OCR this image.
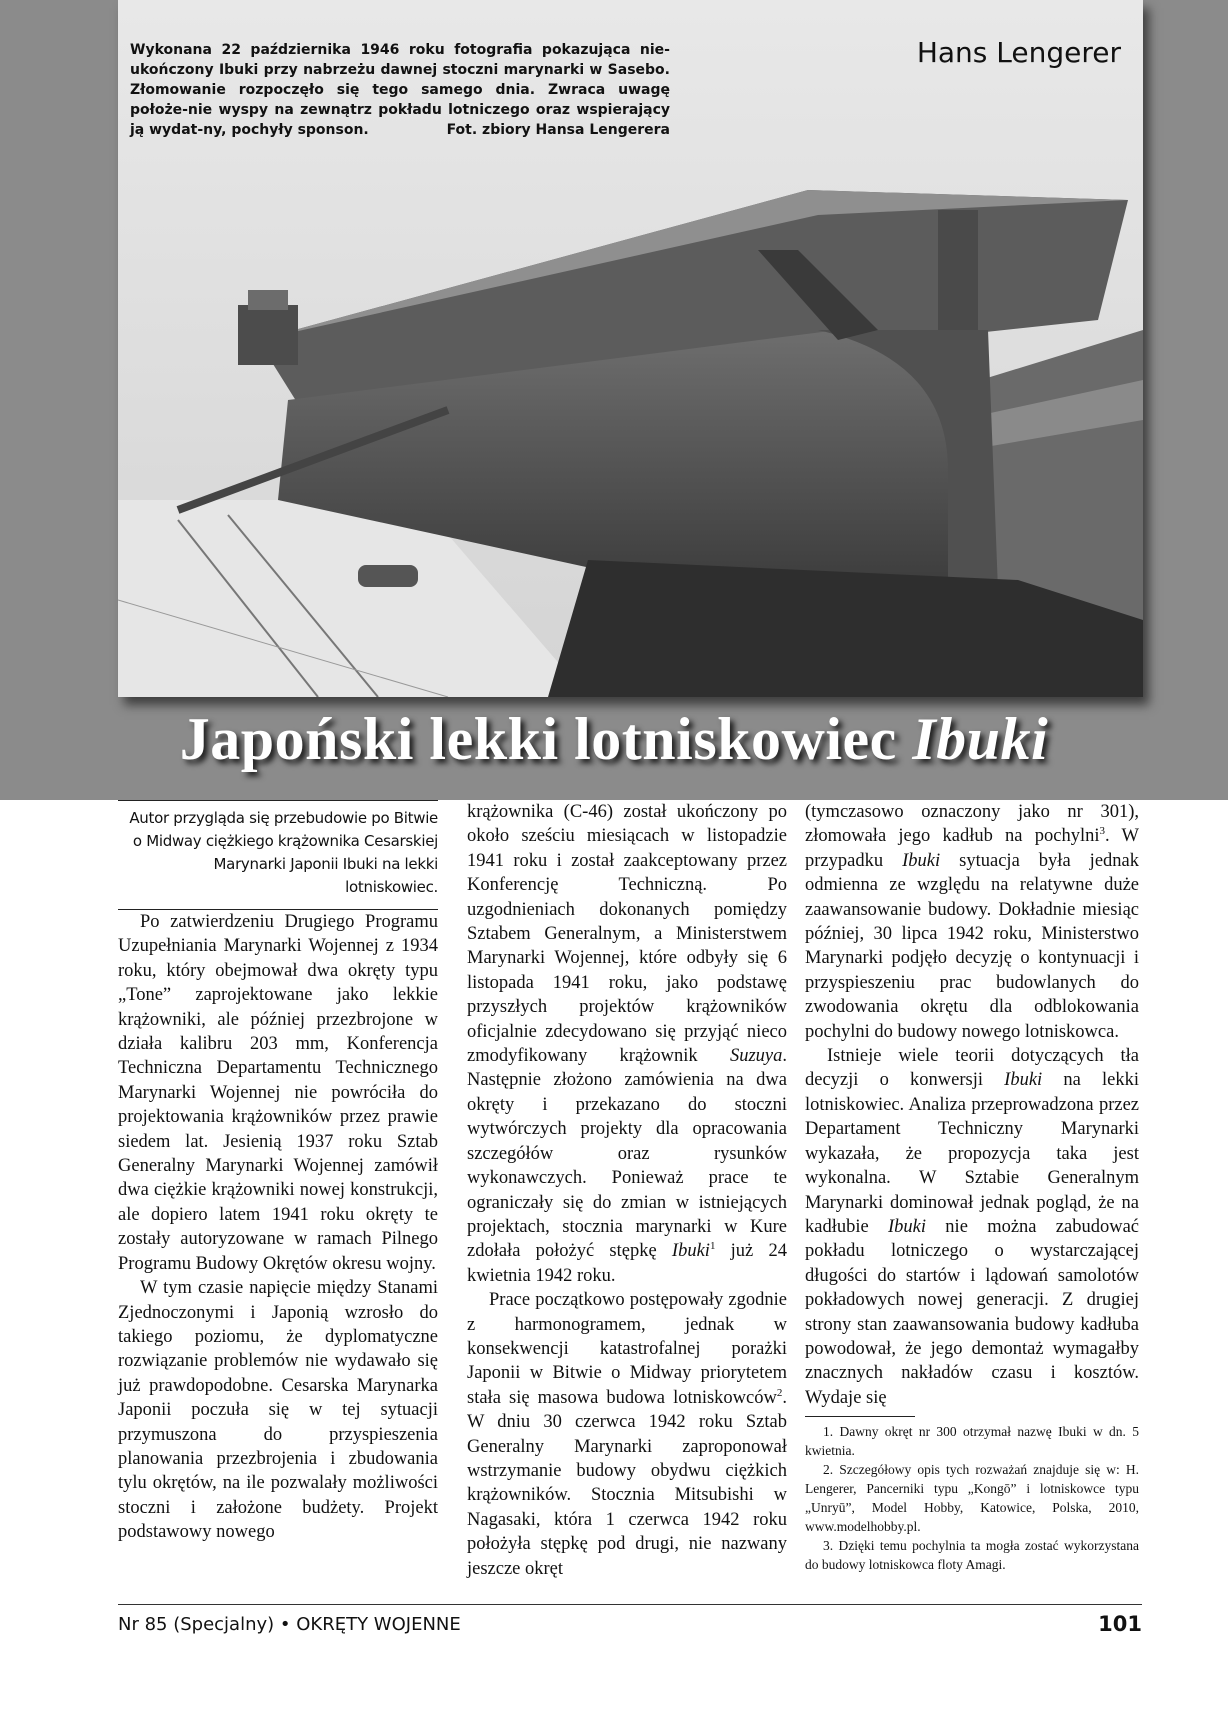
Wykonana 22 października 1946 roku fotografia pokazująca nie-ukończony Ibuki przy nabrzeżu dawnej stoczni marynarki w Sasebo. Złomowanie rozpoczęło się tego samego dnia. Zwraca uwagę położe-nie wyspy na zewnątrz pokładu lotniczego oraz wspierający ją wydat-ny, pochyły sponson.	Fot. zbiory Hansa Lengerera

Hans Lengerer
Japoński lekki lotniskowiec Ibuki

Autor przygląda się przebudowie po Bitwie o Midway ciężkiego krążownika Cesarskiej Marynarki Japonii Ibuki na lekki lotniskowiec.

Po zatwierdzeniu Drugiego Programu Uzupełniania Marynarki Wojennej z 1934 roku, który obejmował dwa okręty typu „Tone” zaprojektowane jako lekkie krążowniki, ale później przezbrojone w działa kalibru 203 mm, Konferencja Techniczna Departamentu Technicznego Marynarki Wojennej nie powróciła do projektowania krążowników przez prawie siedem lat. Jesienią 1937 roku Sztab Generalny Marynarki Wojennej zamówił dwa ciężkie krążowniki nowej konstrukcji, ale dopiero latem 1941 roku okręty te zostały autoryzowane w ramach Pilnego Programu Budowy Okrętów okresu wojny.

W tym czasie napięcie między Stanami Zjednoczonymi i Japonią wzrosło do takiego poziomu, że dyplomatyczne rozwiązanie problemów nie wydawało się już prawdopodobne. Cesarska Marynarka Japonii poczuła się w tej sytuacji przymuszona do przyspieszenia planowania przezbrojenia i zbudowania tylu okrętów, na ile pozwalały możliwości stoczni i założone budżety. Projekt podstawowy nowego

krążownika (C-46) został ukończony po około sześciu miesiącach w listopadzie 1941 roku i został zaakceptowany przez Konferencję Techniczną. Po uzgodnieniach dokonanych pomiędzy Sztabem Generalnym, a Ministerstwem Marynarki Wojennej, które odbyły się 6 listopada 1941 roku, jako podstawę przyszłych projektów krążowników oficjalnie zdecydowano się przyjąć nieco zmodyfikowany krążownik Suzuya. Następnie złożono zamówienia na dwa okręty i przekazano do stoczni wytwórczych projekty dla opracowania szczegółów oraz rysunków wykonawczych. Ponieważ prace te ograniczały się do zmian w istniejących projektach, stocznia marynarki w Kure zdołała położyć stępkę Ibuki$^1$ już 24 kwietnia 1942 roku.

Prace początkowo postępowały zgodnie z harmonogramem, jednak w konsekwencji katastrofalnej porażki Japonii w Bitwie o Midway priorytetem stała się masowa budowa lotniskowców$^2$. W dniu 30 czerwca 1942 roku Sztab Generalny Marynarki zaproponował wstrzymanie budowy obydwu ciężkich krążowników. Stocznia Mitsubishi w Nagasaki, która 1 czerwca 1942 roku położyła stępkę pod drugi, nie nazwany jeszcze okręt

(tymczasowo oznaczony jako nr 301), złomowała jego kadłub na pochylni$^3$. W przypadku Ibuki sytuacja była jednak odmienna ze względu na relatywne duże zaawansowanie budowy. Dokładnie miesiąc później, 30 lipca 1942 roku, Ministerstwo Marynarki podjęło decyzję o kontynuacji i przyspieszeniu prac budowlanych do zwodowania okrętu dla odblokowania pochylni do budowy nowego lotniskowca.

Istnieje wiele teorii dotyczących tła decyzji o konwersji Ibuki na lekki lotniskowiec. Analiza przeprowadzona przez Departament Techniczny Marynarki wykazała, że propozycja taka jest wykonalna. W Sztabie Generalnym Marynarki dominował jednak pogląd, że na kadłubie Ibuki nie można zabudować pokładu lotniczego o wystarczającej długości do startów i lądowań samolotów pokładowych nowej generacji. Z drugiej strony stan zaawansowania budowy kadłuba powodował, że jego demontaż wymagałby znacznych nakładów czasu i kosztów. Wydaje się

1. Dawny okręt nr 300 otrzymał nazwę Ibuki w dn. 5 kwietnia.

2. Szczegółowy opis tych rozważań znajduje się w: H. Lengerer, Pancerniki typu „Kongō” i lotniskowce typu „Unryū”, Model Hobby, Katowice, Polska, 2010, www.modelhobby.pl.

3. Dzięki temu pochylnia ta mogła zostać wykorzystana do budowy lotniskowca floty Amagi.

Nr 85 (Specjalny) • OKRĘTY WOJENNE	101
